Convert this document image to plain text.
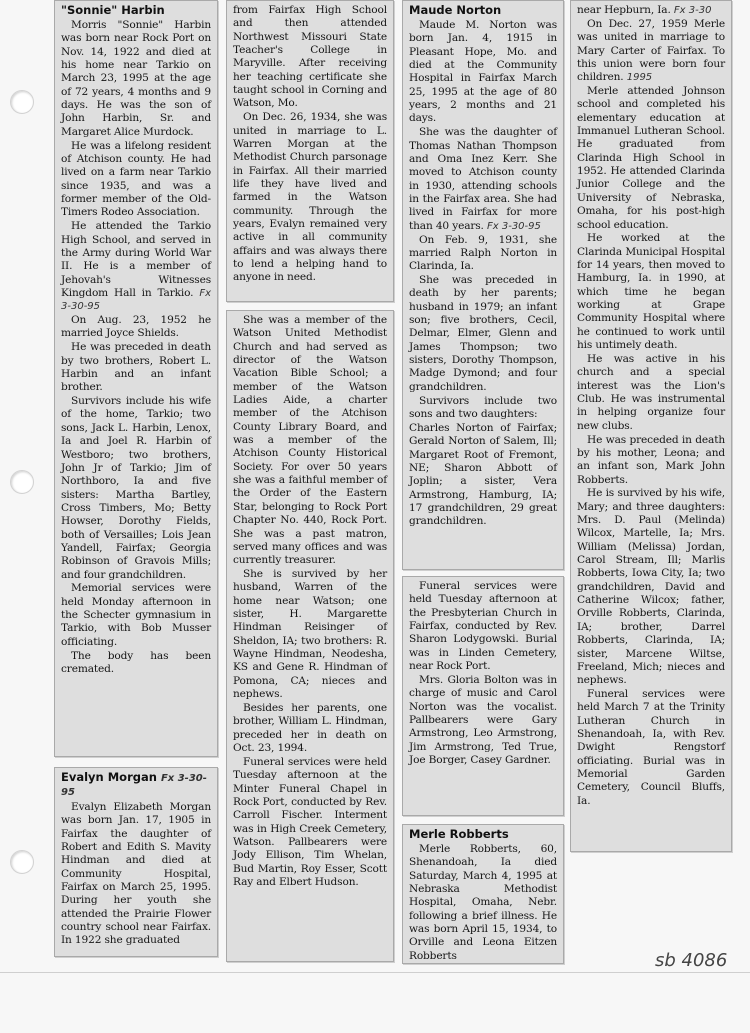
"Sonnie" Harbin

Morris "Sonnie" Harbin was born near Rock Port on Nov. 14, 1922 and died at his home near Tarkio on March 23, 1995 at the age of 72 years, 4 months and 9 days. He was the son of John Harbin, Sr. and Margaret Alice Murdock.

He was a lifelong resident of Atchison county. He had lived on a farm near Tarkio since 1935, and was a former member of the Old-Timers Rodeo Association.

He attended the Tarkio High School, and served in the Army during World War II. He is a member of Jehovah's Witnesses Kingdom Hall in Tarkio. Fx 3-30-95

On Aug. 23, 1952 he married Joyce Shields.

He was preceded in death by two brothers, Robert L. Harbin and an infant brother.

Survivors include his wife of the home, Tarkio; two sons, Jack L. Harbin, Lenox, Ia and Joel R. Harbin of Westboro; two brothers, John Jr of Tarkio; Jim of Northboro, Ia and five sisters: Martha Bartley, Cross Timbers, Mo; Betty Howser, Dorothy Fields, both of Versailles; Lois Jean Yandell, Fairfax; Georgia Robinson of Gravois Mills; and four grandchildren.

Memorial services were held Monday afternoon in the Schecter gymnasium in Tarkio, with Bob Musser officiating.

The body has been cremated.

Evalyn Morgan Fx 3-30-95

Evalyn Elizabeth Morgan was born Jan. 17, 1905 in Fairfax the daughter of Robert and Edith S. Mavity Hindman and died at Community Hospital, Fairfax on March 25, 1995. During her youth she attended the Prairie Flower country school near Fairfax. In 1922 she graduated

from Fairfax High School and then attended Northwest Missouri State Teacher's College in Maryville. After receiving her teaching certificate she taught school in Corning and Watson, Mo.

On Dec. 26, 1934, she was united in marriage to L. Warren Morgan at the Methodist Church parsonage in Fairfax. All their married life they have lived and farmed in the Watson community. Through the years, Evalyn remained very active in all community affairs and was always there to lend a helping hand to anyone in need.

She was a member of the Watson United Methodist Church and had served as director of the Watson Vacation Bible School; a member of the Watson Ladies Aide, a charter member of the Atchison County Library Board, and was a member of the Atchison County Historical Society. For over 50 years she was a faithful member of the Order of the Eastern Star, belonging to Rock Port Chapter No. 440, Rock Port. She was a past matron, served many offices and was currently treasurer.

She is survived by her husband, Warren of the home near Watson; one sister, H. Margarette Hindman Reisinger of Sheldon, IA; two brothers: R. Wayne Hindman, Neodesha, KS and Gene R. Hindman of Pomona, CA; nieces and nephews.

Besides her parents, one brother, William L. Hindman, preceded her in death on Oct. 23, 1994.

Funeral services were held Tuesday afternoon at the Minter Funeral Chapel in Rock Port, conducted by Rev. Carroll Fischer. Interment was in High Creek Cemetery, Watson. Pallbearers were Jody Ellison, Tim Whelan, Bud Martin, Roy Esser, Scott Ray and Elbert Hudson.

Maude Norton

Maude M. Norton was born Jan. 4, 1915 in Pleasant Hope, Mo. and died at the Community Hospital in Fairfax March 25, 1995 at the age of 80 years, 2 months and 21 days.

She was the daughter of Thomas Nathan Thompson and Oma Inez Kerr. She moved to Atchison county in 1930, attending schools in the Fairfax area. She had lived in Fairfax for more than 40 years. Fx 3-30-95

On Feb. 9, 1931, she married Ralph Norton in Clarinda, Ia.

She was preceded in death by her parents; husband in 1979; an infant son; five brothers, Cecil, Delmar, Elmer, Glenn and James Thompson; two sisters, Dorothy Thompson, Madge Dymond; and four grandchildren.

Survivors include two sons and two daughters:

Charles Norton of Fairfax; Gerald Norton of Salem, Ill; Margaret Root of Fremont, NE; Sharon Abbott of Joplin; a sister, Vera Armstrong, Hamburg, IA; 17 grandchildren, 29 great grandchildren.

Funeral services were held Tuesday afternoon at the Presbyterian Church in Fairfax, conducted by Rev. Sharon Lodygowski. Burial was in Linden Cemetery, near Rock Port.

Mrs. Gloria Bolton was in charge of music and Carol Norton was the vocalist. Pallbearers were Gary Armstrong, Leo Armstrong, Jim Armstrong, Ted True, Joe Borger, Casey Gardner.

Merle Robberts

Merle Robberts, 60, Shenandoah, Ia died Saturday, March 4, 1995 at Nebraska Methodist Hospital, Omaha, Nebr. following a brief illness. He was born April 15, 1934, to Orville and Leona Eitzen Robberts

near Hepburn, Ia. Fx 3-30

On Dec. 27, 1959 Merle was united in marriage to Mary Carter of Fairfax. To this union were born four children. 1995

Merle attended Johnson school and completed his elementary education at Immanuel Lutheran School. He graduated from Clarinda High School in 1952. He attended Clarinda Junior College and the University of Nebraska, Omaha, for his post-high school education.

He worked at the Clarinda Municipal Hospital for 14 years, then moved to Hamburg, Ia. in 1990, at which time he began working at Grape Community Hospital where he continued to work until his untimely death.

He was active in his church and a special interest was the Lion's Club. He was instrumental in helping organize four new clubs.

He was preceded in death by his mother, Leona; and an infant son, Mark John Robberts.

He is survived by his wife, Mary; and three daughters: Mrs. D. Paul (Melinda) Wilcox, Martelle, Ia; Mrs. William (Melissa) Jordan, Carol Stream, Ill; Marlis Robberts, Iowa City, Ia; two grandchildren, David and Catherine Wilcox; father, Orville Robberts, Clarinda, IA; brother, Darrel Robberts, Clarinda, IA; sister, Marcene Wiltse, Freeland, Mich; nieces and nephews.

Funeral services were held March 7 at the Trinity Lutheran Church in Shenandoah, Ia, with Rev. Dwight Rengstorf officiating. Burial was in Memorial Garden Cemetery, Council Bluffs, Ia.

sb 4086
